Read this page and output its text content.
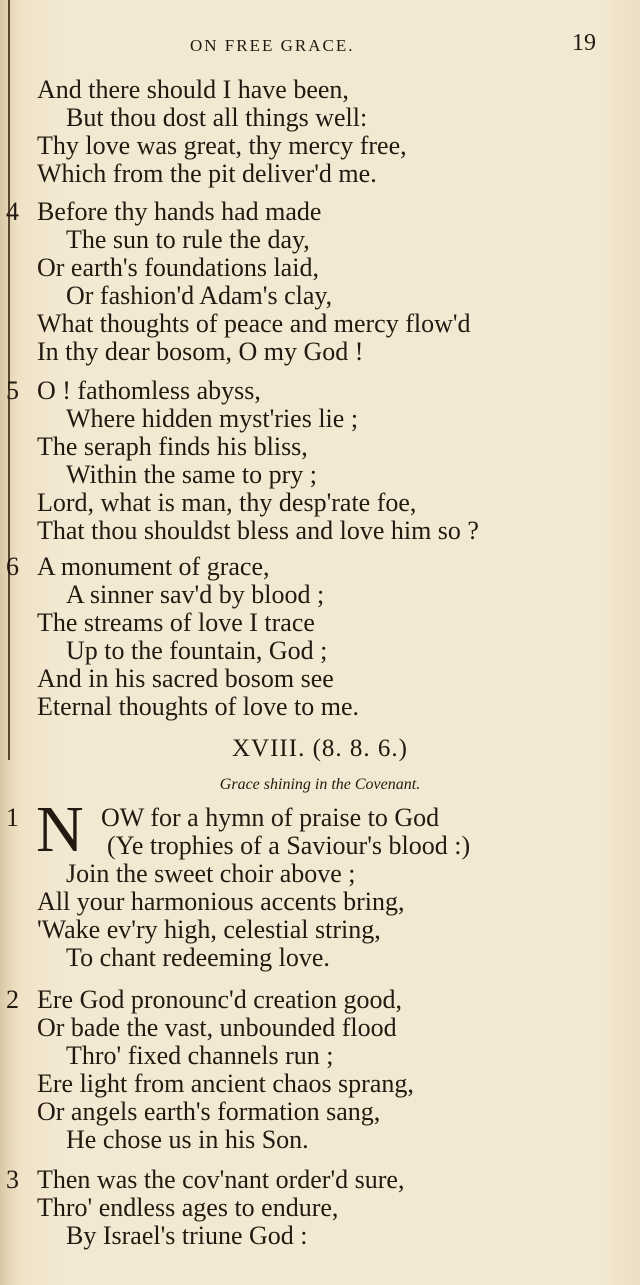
ON FREE GRACE.	19
And there should I have been,
But thou dost all things well:
Thy love was great, thy mercy free,
Which from the pit deliver'd me.
4 Before thy hands had made
The sun to rule the day,
Or earth's foundations laid,
Or fashion'd Adam's clay,
What thoughts of peace and mercy flow'd
In thy dear bosom, O my God !
5 O ! fathomless abyss,
Where hidden myst'ries lie ;
The seraph finds his bliss,
Within the same to pry ;
Lord, what is man, thy desp'rate foe,
That thou shouldst bless and love him so ?
6 A monument of grace,
A sinner sav'd by blood ;
The streams of love I trace
Up to the fountain, God ;
And in his sacred bosom see
Eternal thoughts of love to me.
XVIII. (8. 8. 6.)
Grace shining in the Covenant.
1 N OW for a hymn of praise to God
(Ye trophies of a Saviour's blood :)
Join the sweet choir above ;
All your harmonious accents bring,
'Wake ev'ry high, celestial string,
To chant redeeming love.
2 Ere God pronounc'd creation good,
Or bade the vast, unbounded flood
Thro' fixed channels run ;
Ere light from ancient chaos sprang,
Or angels earth's formation sang,
He chose us in his Son.
3 Then was the cov'nant order'd sure,
Thro' endless ages to endure,
By Israel's triune God :
